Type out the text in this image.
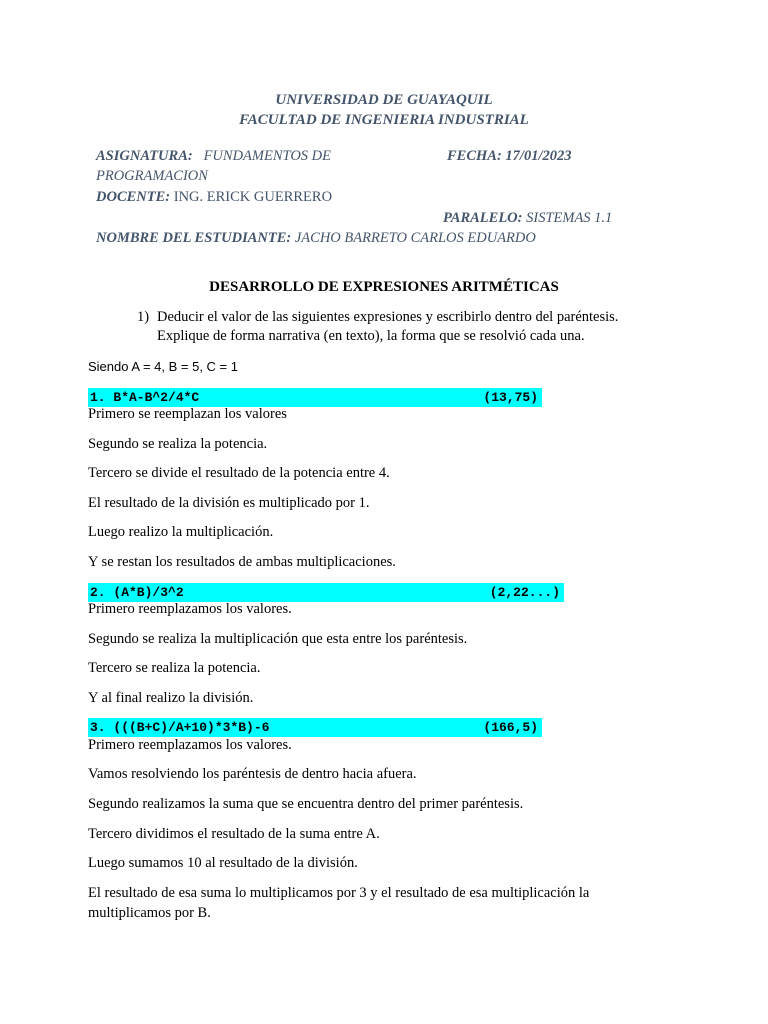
UNIVERSIDAD DE GUAYAQUIL
FACULTAD DE INGENIERIA INDUSTRIAL
ASIGNATURA: FUNDAMENTOS DE	FECHA: 17/01/2023
PROGRAMACION
DOCENTE: ING. ERICK GUERRERO
PARALELO: SISTEMAS 1.1
NOMBRE DEL ESTUDIANTE: JACHO BARRETO CARLOS EDUARDO
DESARROLLO DE EXPRESIONES ARITMÉTICAS
1) Deducir el valor de las siguientes expresiones y escribirlo dentro del paréntesis.
Explique de forma narrativa (en texto), la forma que se resolvió cada una.
Siendo A = 4, B = 5, C = 1

1. B*A-B^2/4*C

	(13,75)

Primero se reemplazan los valores
Segundo se realiza la potencia.
Tercero se divide el resultado de la potencia entre 4.
El resultado de la división es multiplicado por 1.
Luego realizo la multiplicación.
Y se restan los resultados de ambas multiplicaciones.

2. (A*B)/3^2

	(2,22...)

Primero reemplazamos los valores.
Segundo se realiza la multiplicación que esta entre los paréntesis.
Tercero se realiza la potencia.
Y al final realizo la división.

3. (((B+C)/A+10)*3*B)-6

	(166,5)

Primero reemplazamos los valores.
Vamos resolviendo los paréntesis de dentro hacia afuera.
Segundo realizamos la suma que se encuentra dentro del primer paréntesis.
Tercero dividimos el resultado de la suma entre A.
Luego sumamos 10 al resultado de la división.
El resultado de esa suma lo multiplicamos por 3 y el resultado de esa multiplicación la
multiplicamos por B.
